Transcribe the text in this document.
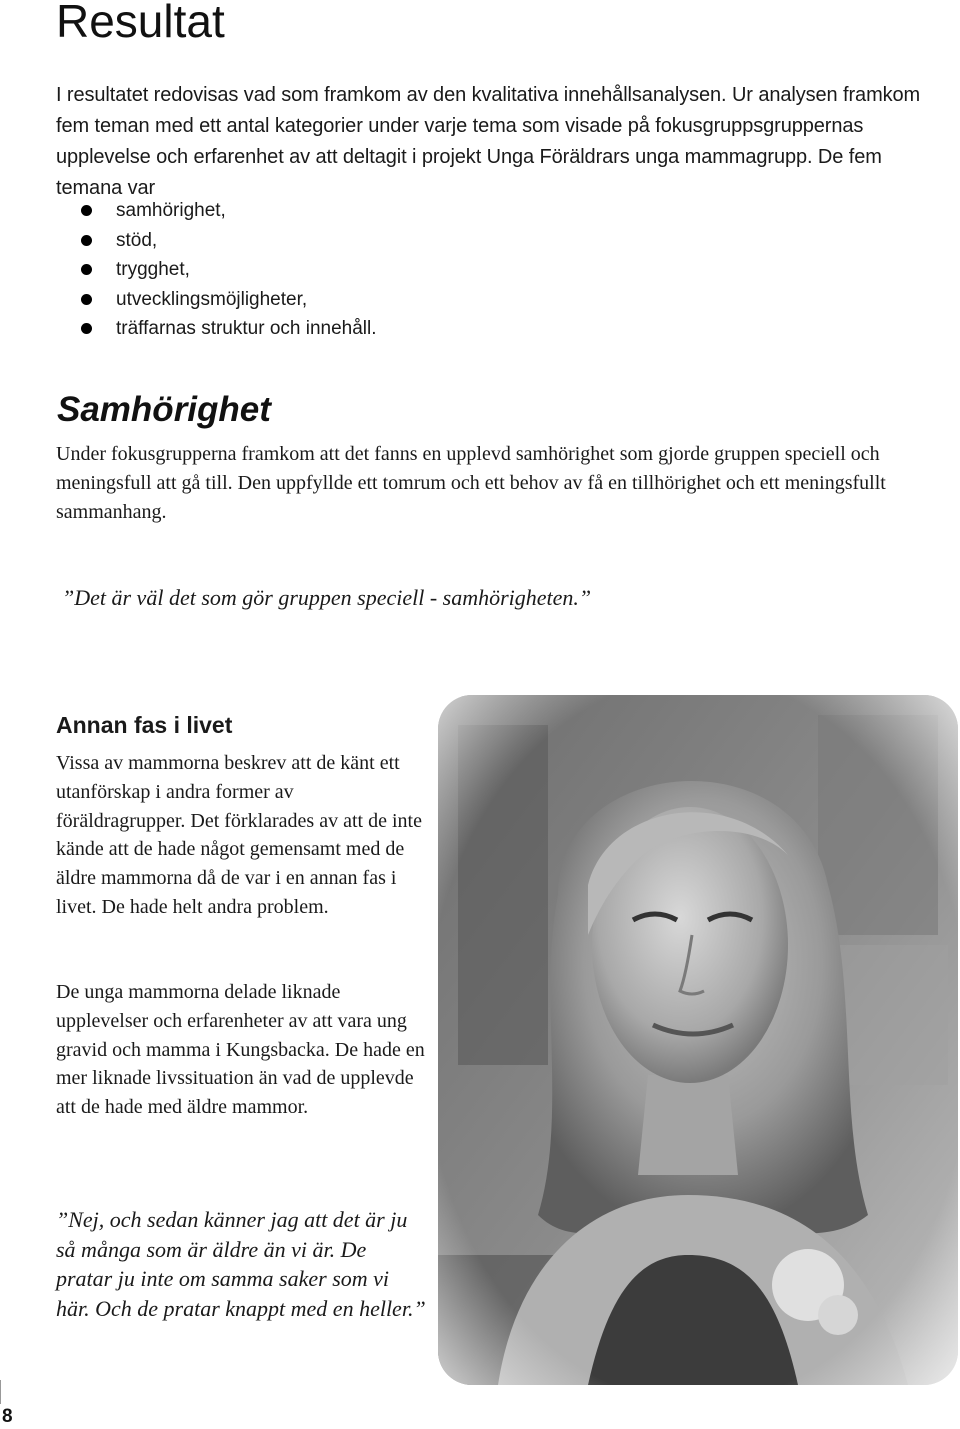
Resultat

I resultatet redovisas vad som framkom av den kvalitativa innehållsanalysen. Ur analysen framkom fem teman med ett antal kategorier under varje tema som visade på fokusgruppsgruppernas upplevelse och erfarenhet av att deltagit i projekt Unga Föräldrars unga mammagrupp. De fem temana var

samhörighet,
stöd,
trygghet,
utvecklingsmöjligheter,
träffarnas struktur och innehåll.
Samhörighet

Under fokusgrupperna framkom att det fanns en upplevd samhörighet som gjorde gruppen speciell och meningsfull att gå till. Den uppfyllde ett tomrum och ett behov av få en tillhörighet och ett meningsfullt sammanhang.

”Det är väl det som gör gruppen speciell - samhörigheten.”

Annan fas i livet

Vissa av mammorna beskrev att de känt ett utanförskap i andra former av föräldragrupper. Det förklarades av att de inte kände att de hade något gemensamt med de äldre mammorna då de var i en annan fas i livet. De hade helt andra problem.

De unga mammorna delade liknade upplevelser och erfarenheter av att vara ung gravid och mamma i Kungsbacka. De hade en mer liknade livssituation än vad de upplevde att de hade med äldre mammor.

”Nej, och sedan känner jag att det är ju så många som är äldre än vi är. De pratar ju inte om samma saker som vi här. Och de pratar knappt med en heller.”

8
